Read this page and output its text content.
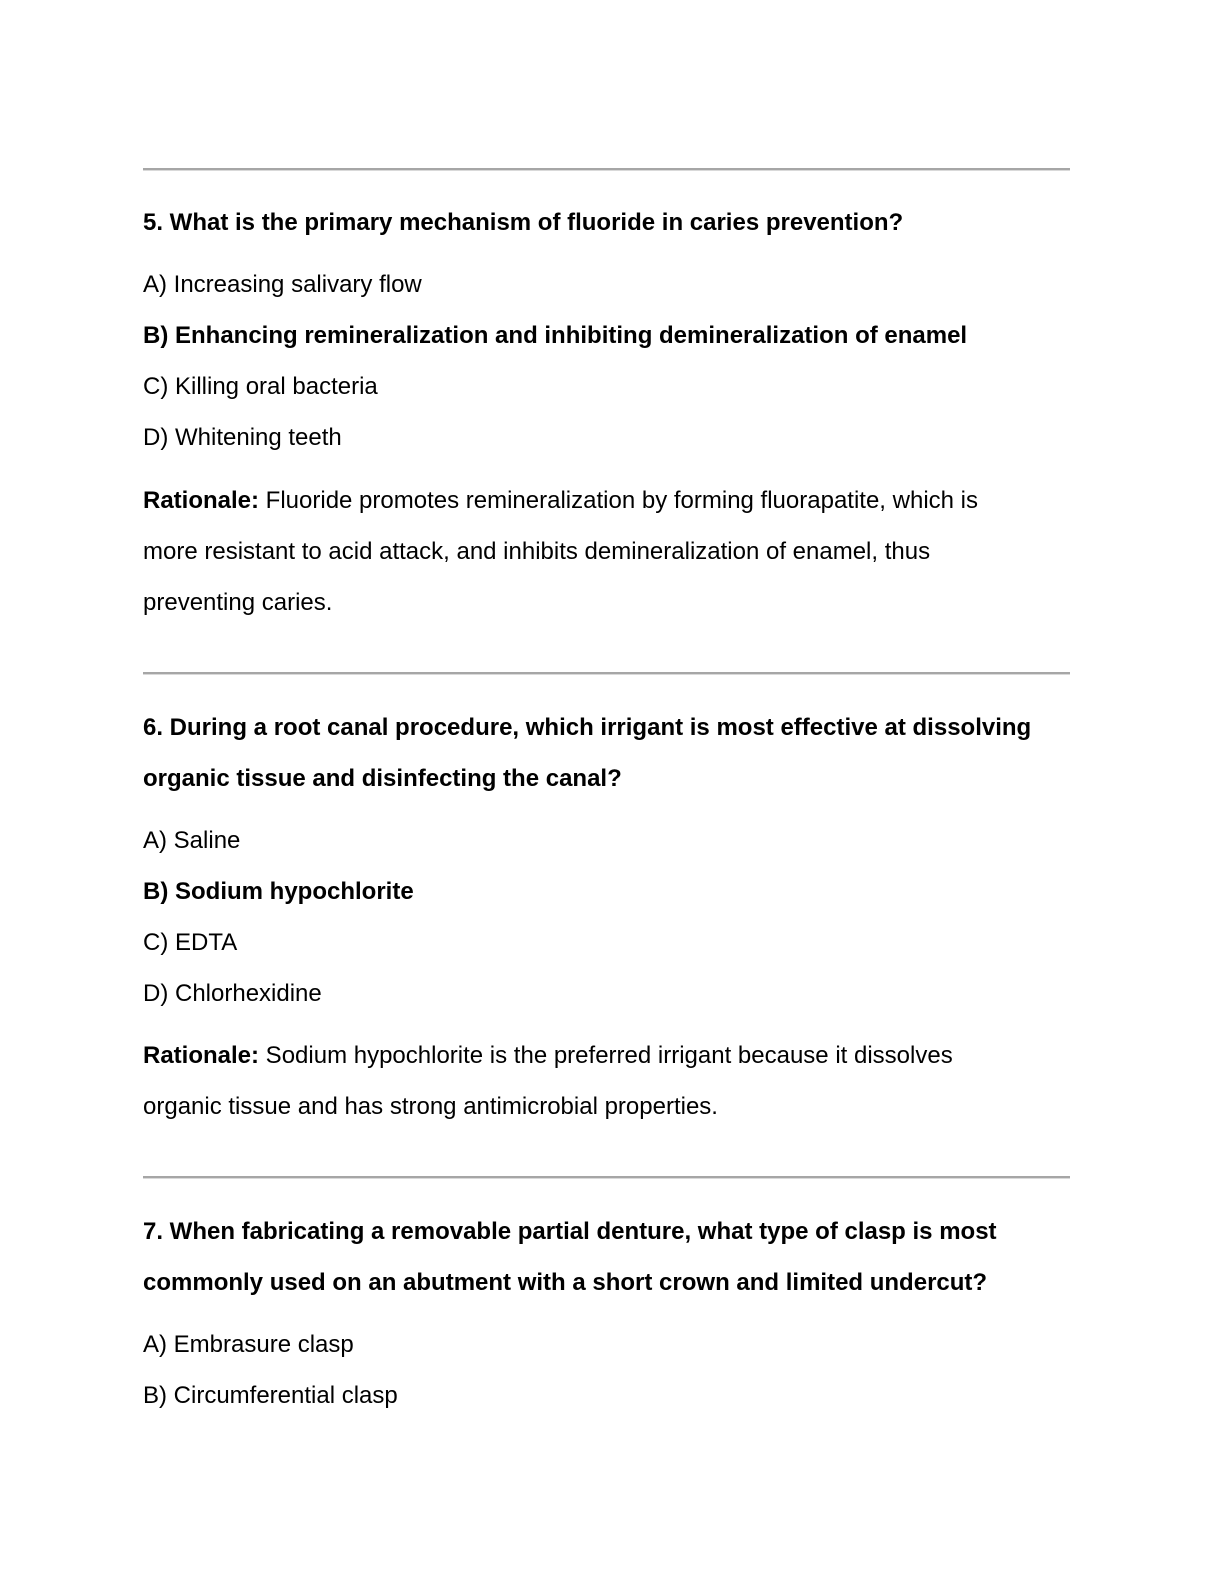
5. What is the primary mechanism of fluoride in caries prevention?
A) Increasing salivary flow
B) Enhancing remineralization and inhibiting demineralization of enamel
C) Killing oral bacteria
D) Whitening teeth
Rationale: Fluoride promotes remineralization by forming fluorapatite, which is
more resistant to acid attack, and inhibits demineralization of enamel, thus
preventing caries.
6. During a root canal procedure, which irrigant is most effective at dissolving
organic tissue and disinfecting the canal?
A) Saline
B) Sodium hypochlorite
C) EDTA
D) Chlorhexidine
Rationale: Sodium hypochlorite is the preferred irrigant because it dissolves
organic tissue and has strong antimicrobial properties.
7. When fabricating a removable partial denture, what type of clasp is most
commonly used on an abutment with a short crown and limited undercut?
A) Embrasure clasp
B) Circumferential clasp
